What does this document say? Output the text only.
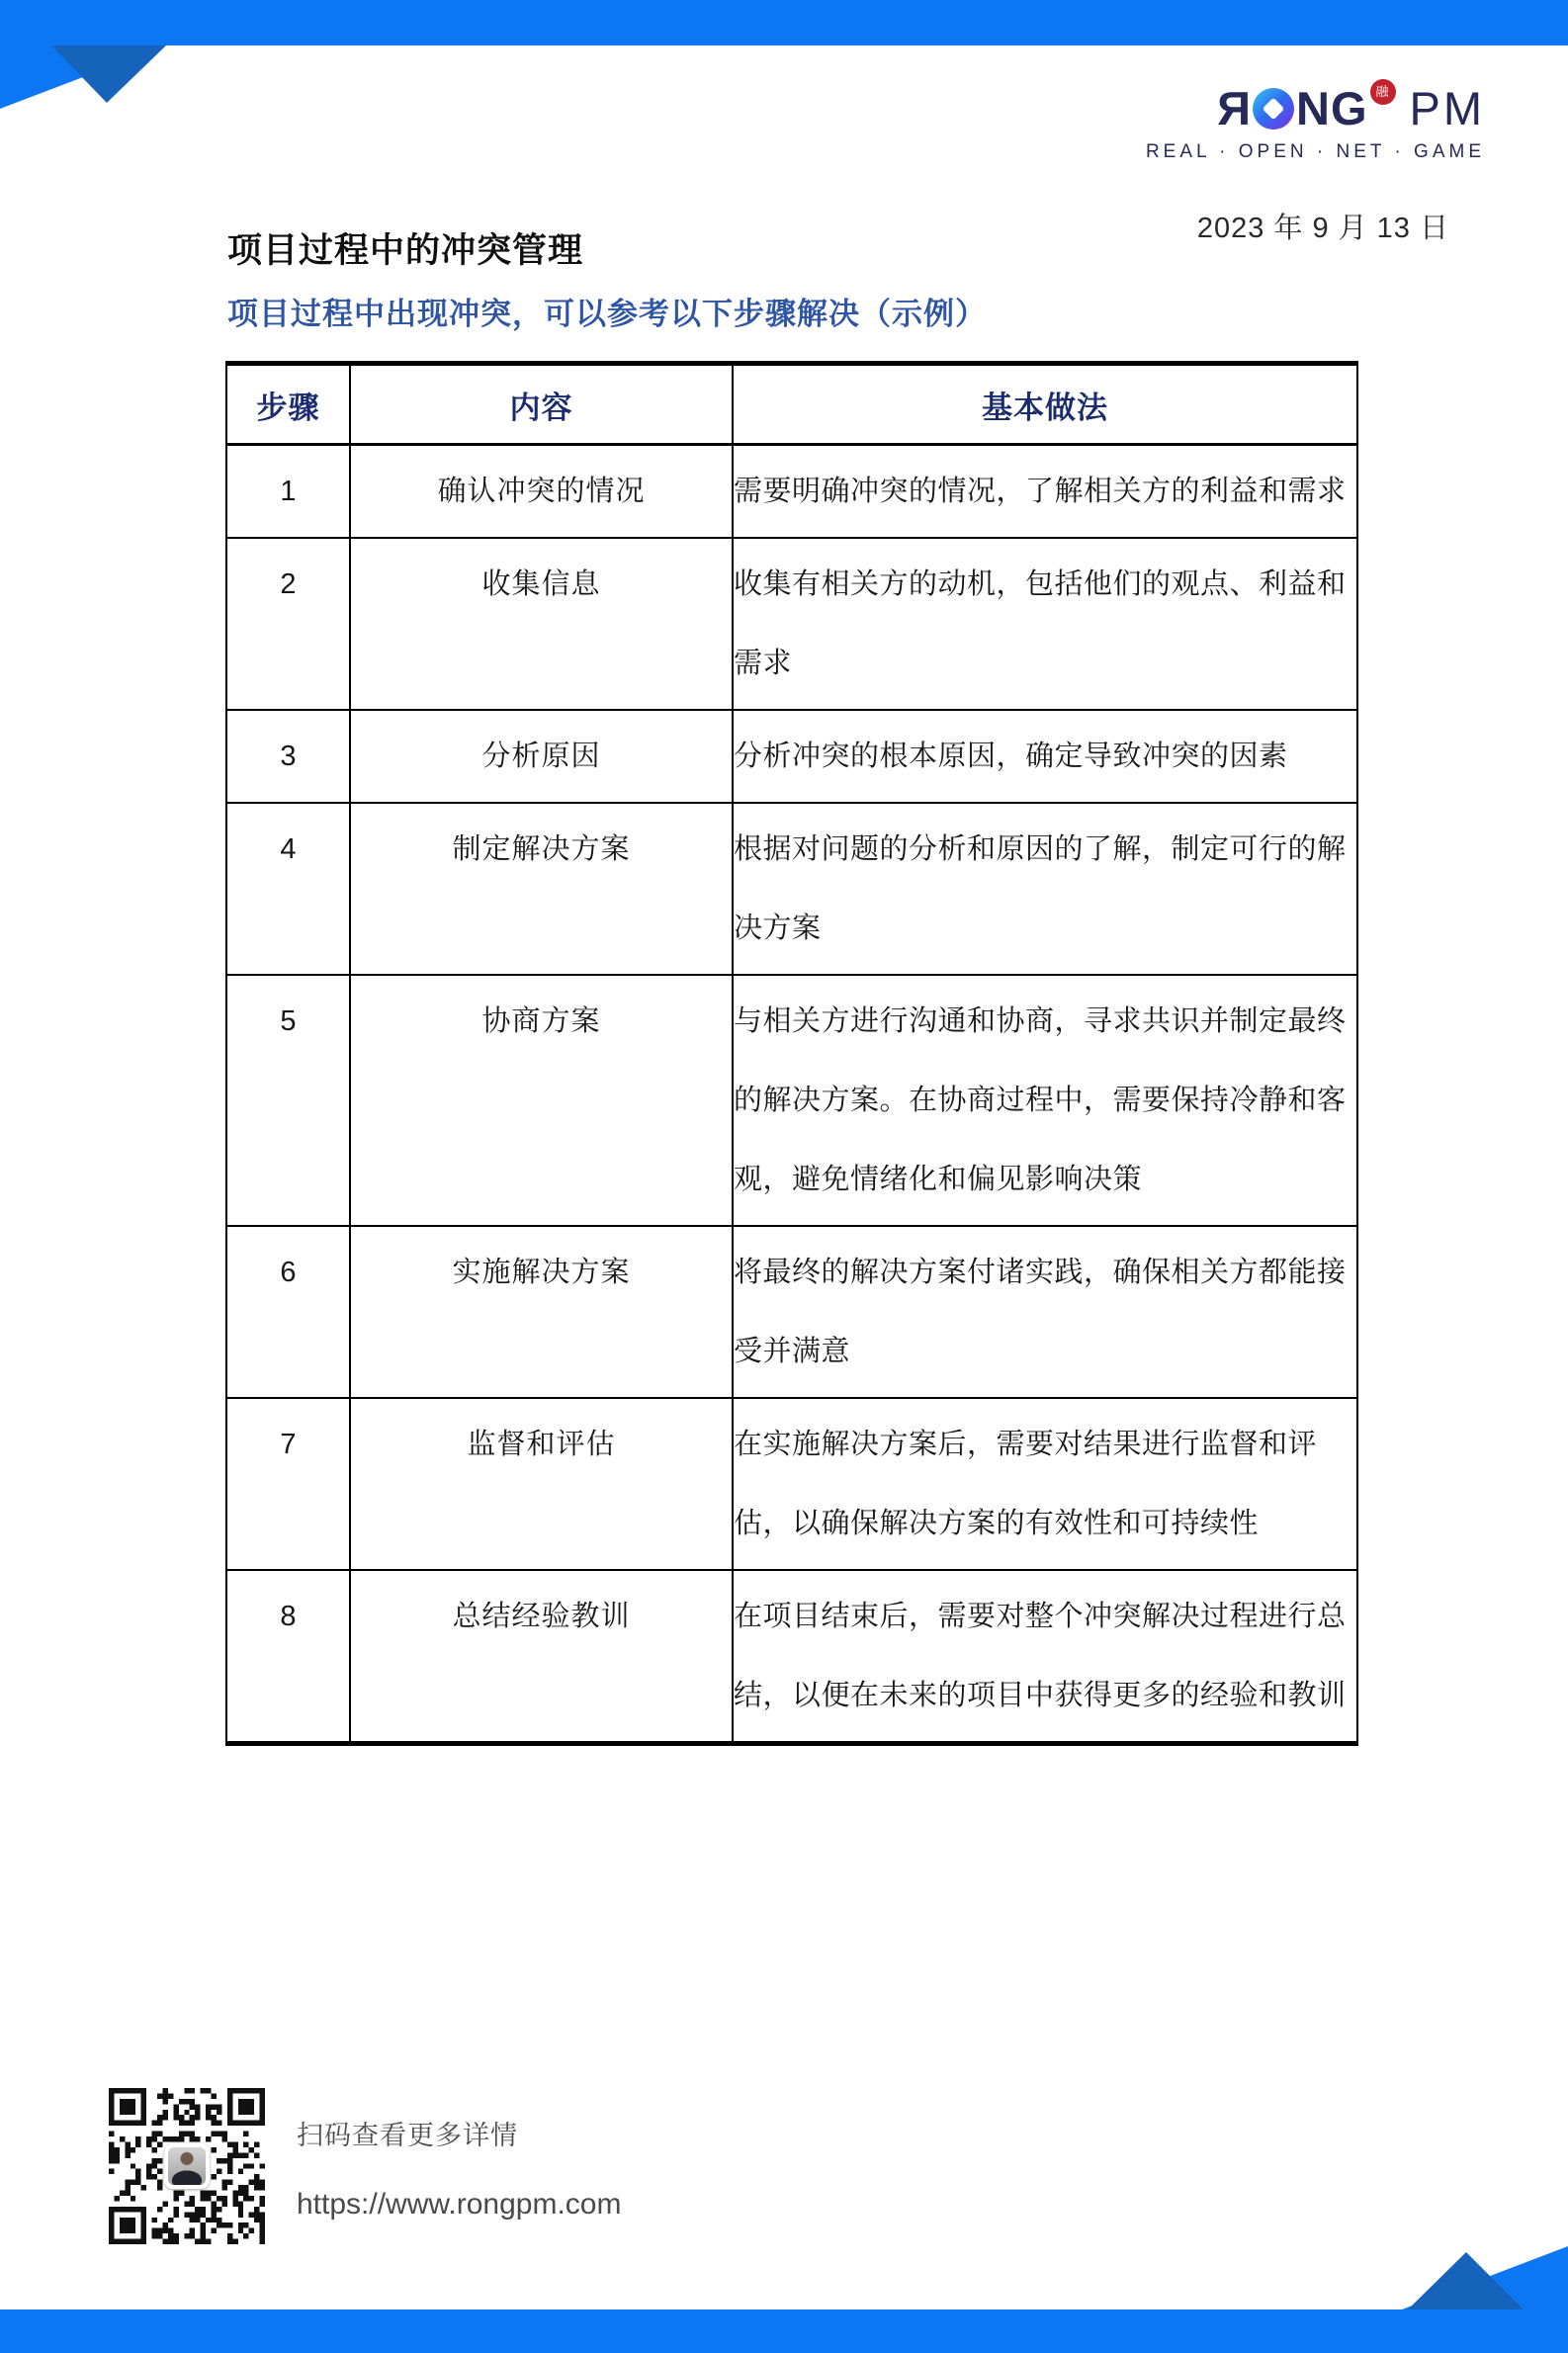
R NG 融 PM
REAL · OPEN · NET · GAME
项目过程中的冲突管理
2023 年 9 月 13 日
项目过程中出现冲突，可以参考以下步骤解决（示例）
步骤	内容	基本做法
1	确认冲突的情况	需要明确冲突的情况，了解相关方的利益和需求
2	收集信息	收集有相关方的动机，包括他们的观点、利益和需求
3	分析原因	分析冲突的根本原因，确定导致冲突的因素
4	制定解决方案	根据对问题的分析和原因的了解，制定可行的解决方案
5	协商方案	与相关方进行沟通和协商，寻求共识并制定最终的解决方案。在协商过程中，需要保持冷静和客观，避免情绪化和偏见影响决策
6	实施解决方案	将最终的解决方案付诸实践，确保相关方都能接受并满意
7	监督和评估	在实施解决方案后，需要对结果进行监督和评估，以确保解决方案的有效性和可持续性
8	总结经验教训	在项目结束后，需要对整个冲突解决过程进行总结，以便在未来的项目中获得更多的经验和教训
扫码查看更多详情
https://www.rongpm.com
